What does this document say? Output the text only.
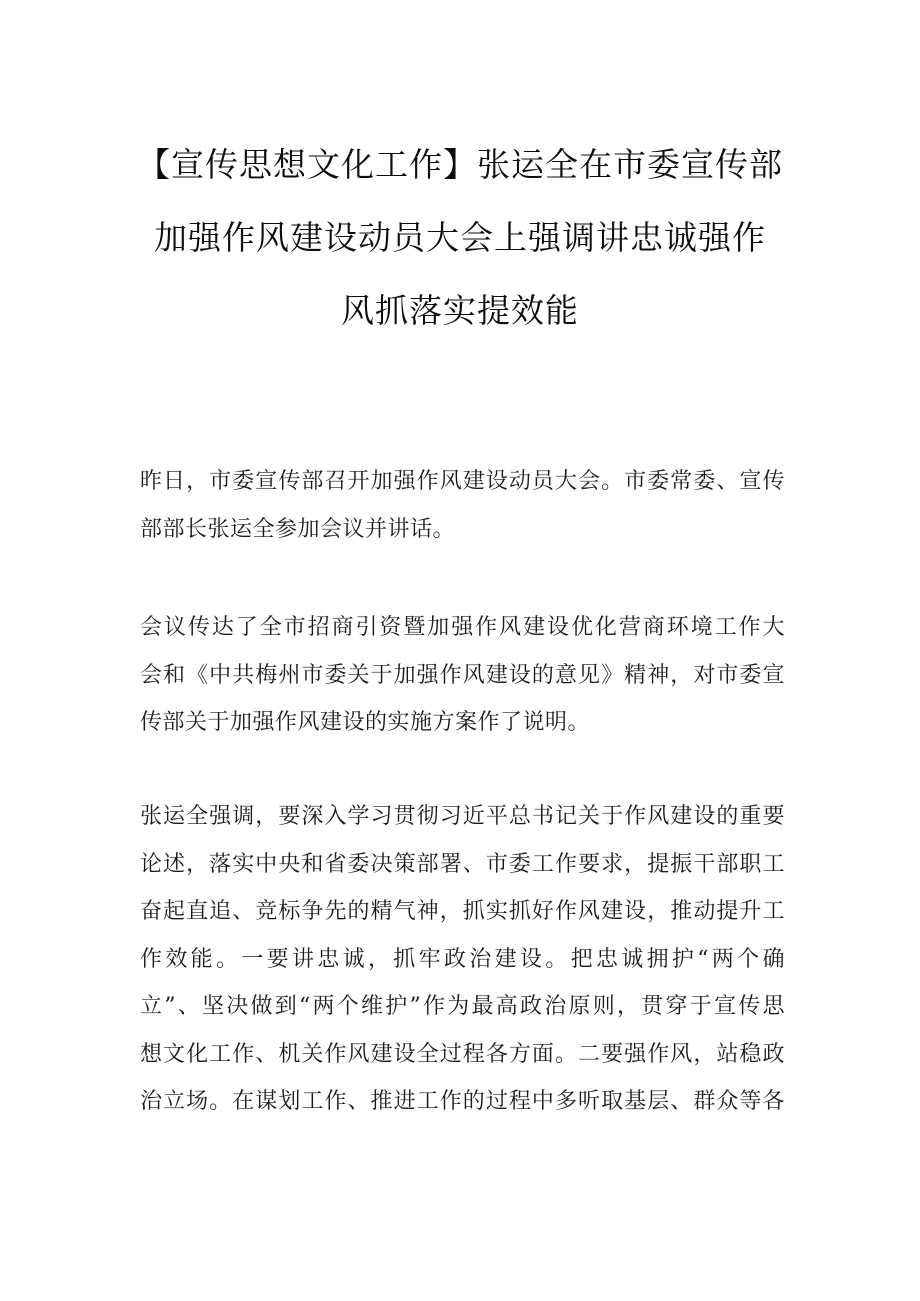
【宣传思想文化工作】张运全在市委宣传部
加强作风建设动员大会上强调讲忠诚强作
风抓落实提效能

昨日，市委宣传部召开加强作风建设动员大会。市委常委、宣传
部部长张运全参加会议并讲话。

会议传达了全市招商引资暨加强作风建设优化营商环境工作大
会和《中共梅州市委关于加强作风建设的意见》精神，对市委宣
传部关于加强作风建设的实施方案作了说明。

张运全强调，要深入学习贯彻习近平总书记关于作风建设的重要
论述，落实中央和省委决策部署、市委工作要求，提振干部职工
奋起直追、竞标争先的精气神，抓实抓好作风建设，推动提升工
作效能。一要讲忠诚，抓牢政治建设。把忠诚拥护“两个确
立”、坚决做到“两个维护”作为最高政治原则，贯穿于宣传思
想文化工作、机关作风建设全过程各方面。二要强作风，站稳政
治立场。在谋划工作、推进工作的过程中多听取基层、群众等各
